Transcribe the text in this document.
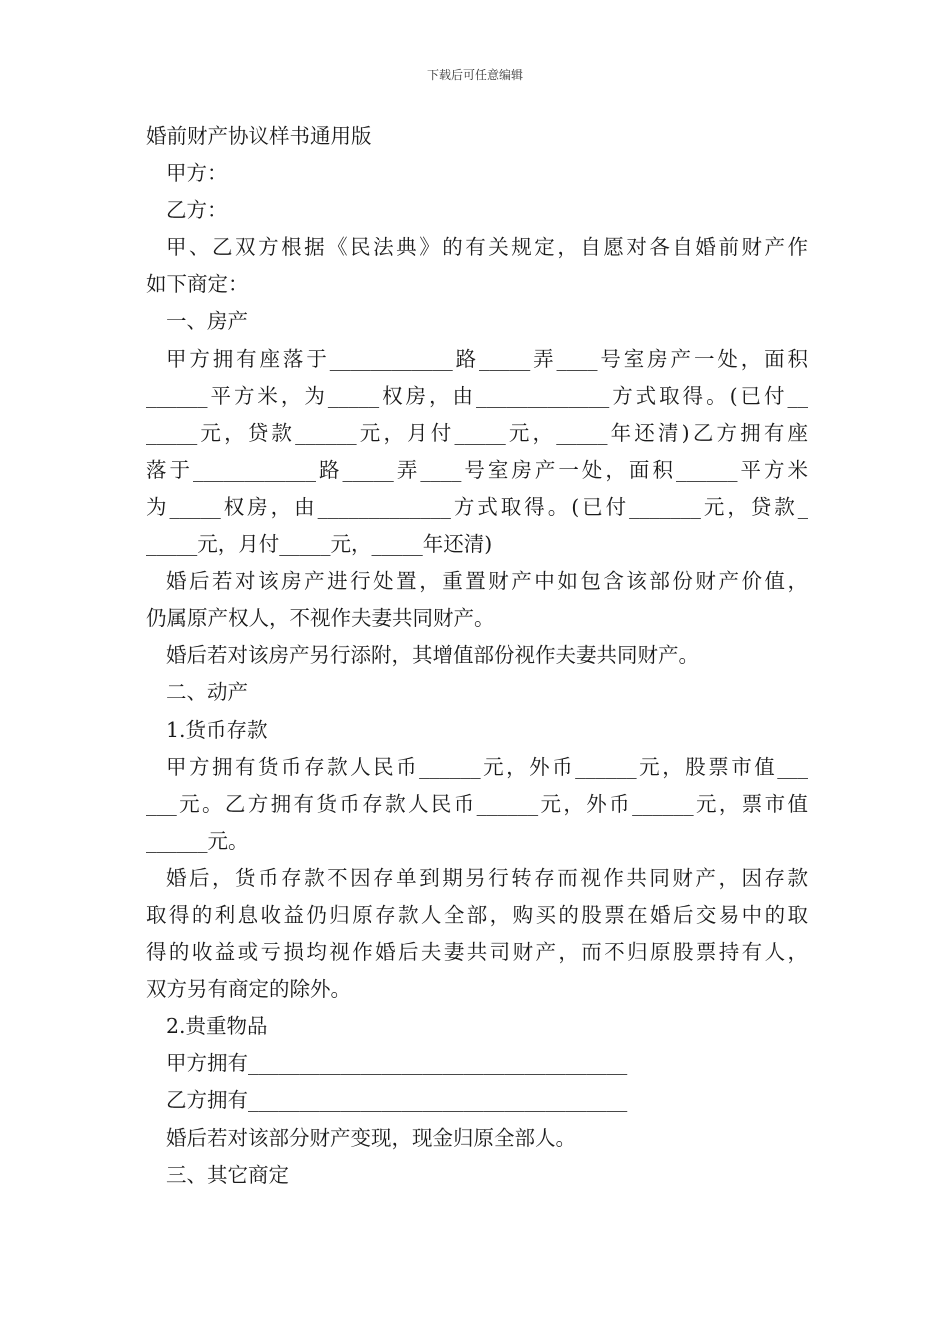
下载后可任意编辑
婚前财产协议样书通用版
甲方：
乙方：
甲、乙双方根据《民法典》的有关规定，自愿对各自婚前财产作
如下商定：
一、房产
甲方拥有座落于____________路_____弄____号室房产一处，面积
______平方米，为_____权房，由_____________方式取得。(已付__
_____元，贷款______元，月付_____元，_____年还清)乙方拥有座
落于____________路_____弄____号室房产一处，面积______平方米
为_____权房，由_____________方式取得。(已付_______元，贷款_
_____元，月付_____元，_____年还清)
婚后若对该房产进行处置，重置财产中如包含该部份财产价值，
仍属原产权人，不视作夫妻共同财产。
婚后若对该房产另行添附，其增值部份视作夫妻共同财产。
二、动产
1.货币存款
甲方拥有货币存款人民币______元，外币______元，股票市值___
___元。乙方拥有货币存款人民币______元，外币______元，票市值
______元。
婚后，货币存款不因存单到期另行转存而视作共同财产，因存款
取得的利息收益仍归原存款人全部，购买的股票在婚后交易中的取
得的收益或亏损均视作婚后夫妻共司财产，而不归原股票持有人，
双方另有商定的除外。
2.贵重物品
甲方拥有_____________________________________
乙方拥有_____________________________________
婚后若对该部分财产变现，现金归原全部人。
三、其它商定
